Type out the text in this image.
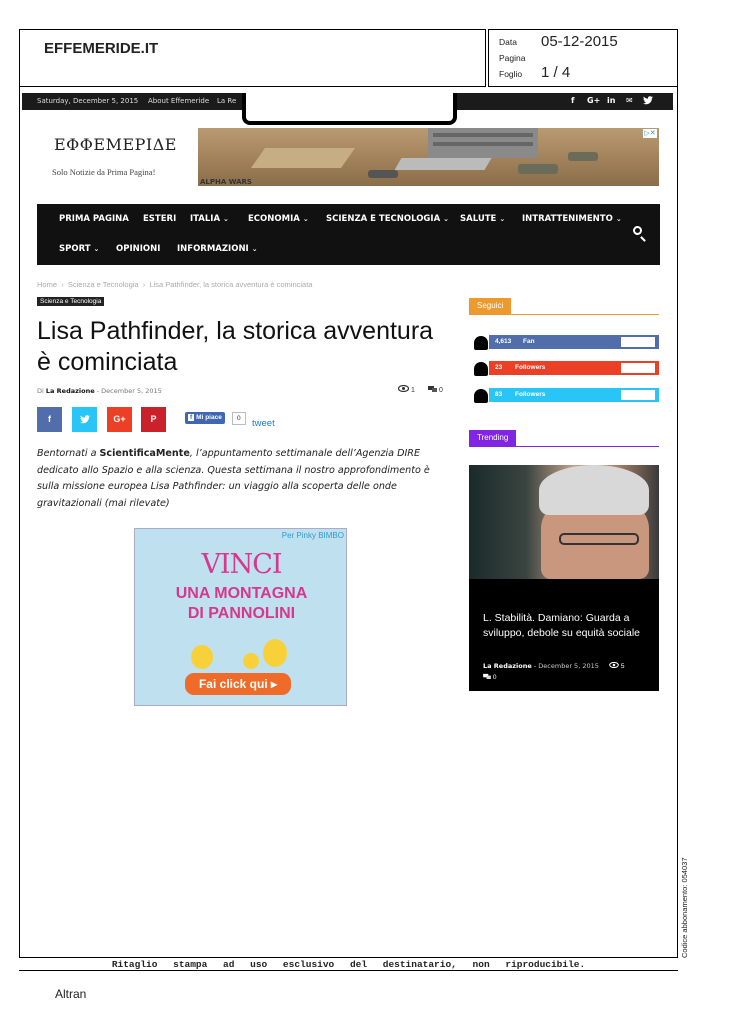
EFFEMERIDE.IT	Data 05-12-2015
Pagina
Foglio 1 / 4
Saturday, December 5, 2015 About Effemeride La Re	f G+ in ✉
ΕΦΦΕΜΕΡΙΔΕ
Solo Notizie da Prima Pagina!
ALPHA WARS
▷✕
PRIMA PAGINA ESTERI ITALIA ⌄ ECONOMIA ⌄ SCIENZA E TECNOLOGIA ⌄ SALUTE ⌄ INTRATTENIMENTO ⌄
SPORT ⌄ OPINIONI INFORMAZIONI ⌄
Home › Scienza e Tecnologia › Lisa Pathfinder, la storica avventura è cominciata
Scienza e Tecnologia
Lisa Pathfinder, la storica avventura
è cominciata
Di La Redazione - December 5, 2015	1	0
f	G+	P	f Mi piace	0	tweet
Bentornati a ScientificaMente, l’appuntamento settimanale dell’Agenzia DIRE dedicato allo Spazio e alla scienza. Questa settimana il nostro approfondimento è sulla missione europea Lisa Pathfinder: un viaggio alla scoperta delle onde gravitazionali (mai rilevate)
Per Pinky BIMBO
VINCI
UNA MONTAGNA
DI PANNOLINI
Fai click qui ▸
Seguici
4,613 Fan
23 Followers
83 Followers
Trending
L. Stabilità. Damiano: Guarda a sviluppo, debole su equità sociale
La Redazione - December 5, 2015	5
0
Ritaglio stampa ad uso esclusivo del destinatario, non riproducibile.
Altran
Codice abbonamento: 054037
